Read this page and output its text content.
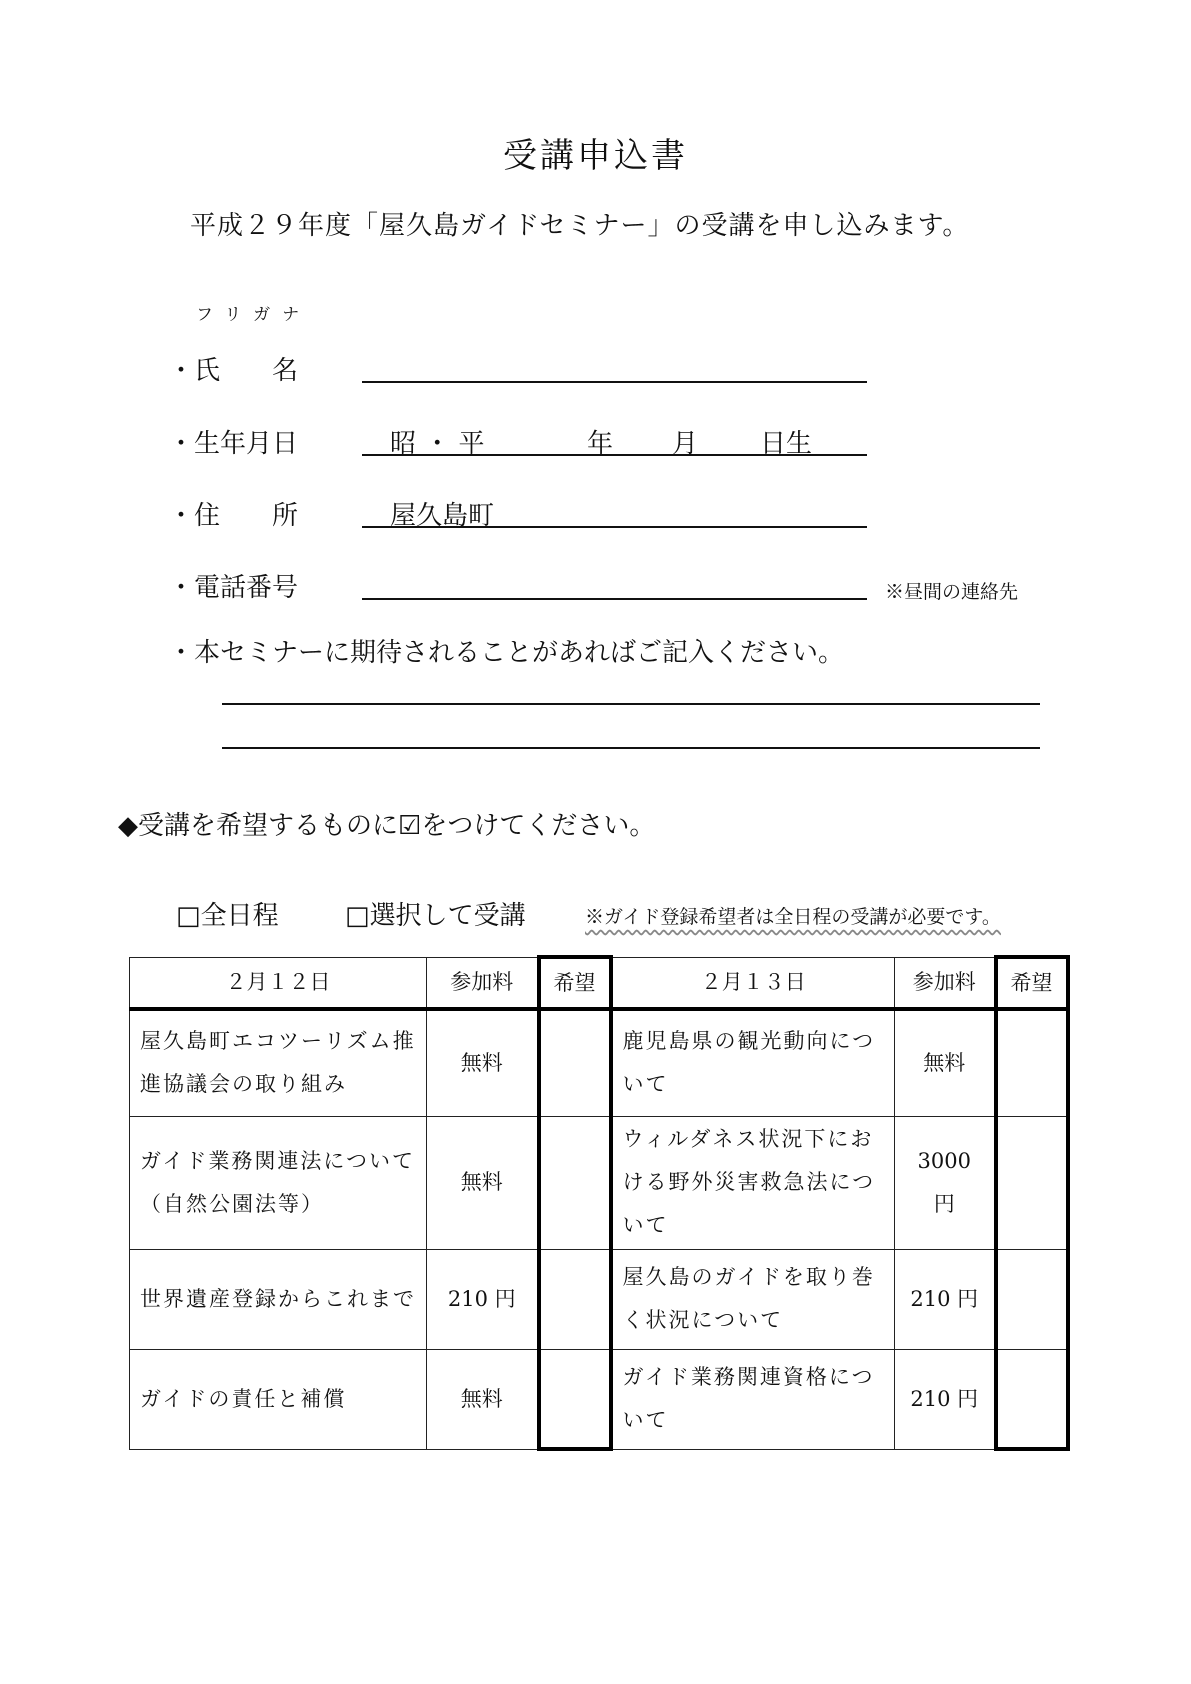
受講申込書
平成２９年度「屋久島ガイドセミナー」の受講を申し込みます。
フリガナ
・氏　　名
・生年月日	昭 ・ 平	年 月 日生
・住　　所	屋久島町
・電話番号	※昼間の連絡先
・本セミナーに期待されることがあればご記入ください。
◆受講を希望するものに☑をつけてください。
□全日程	□選択して受講	※ガイド登録希望者は全日程の受講が必要です。
２月１２日	参加料	希望	２月１３日	参加料	希望
屋久島町エコツーリズム推進協議会の取り組み	無料		鹿児島県の観光動向について	無料	
ガイド業務関連法について（自然公園法等）	無料		ウィルダネス状況下における野外災害救急法について	3000 円	
世界遺産登録からこれまで	210 円		屋久島のガイドを取り巻く状況について	210 円	
ガイドの責任と補償	無料		ガイド業務関連資格について	210 円	
